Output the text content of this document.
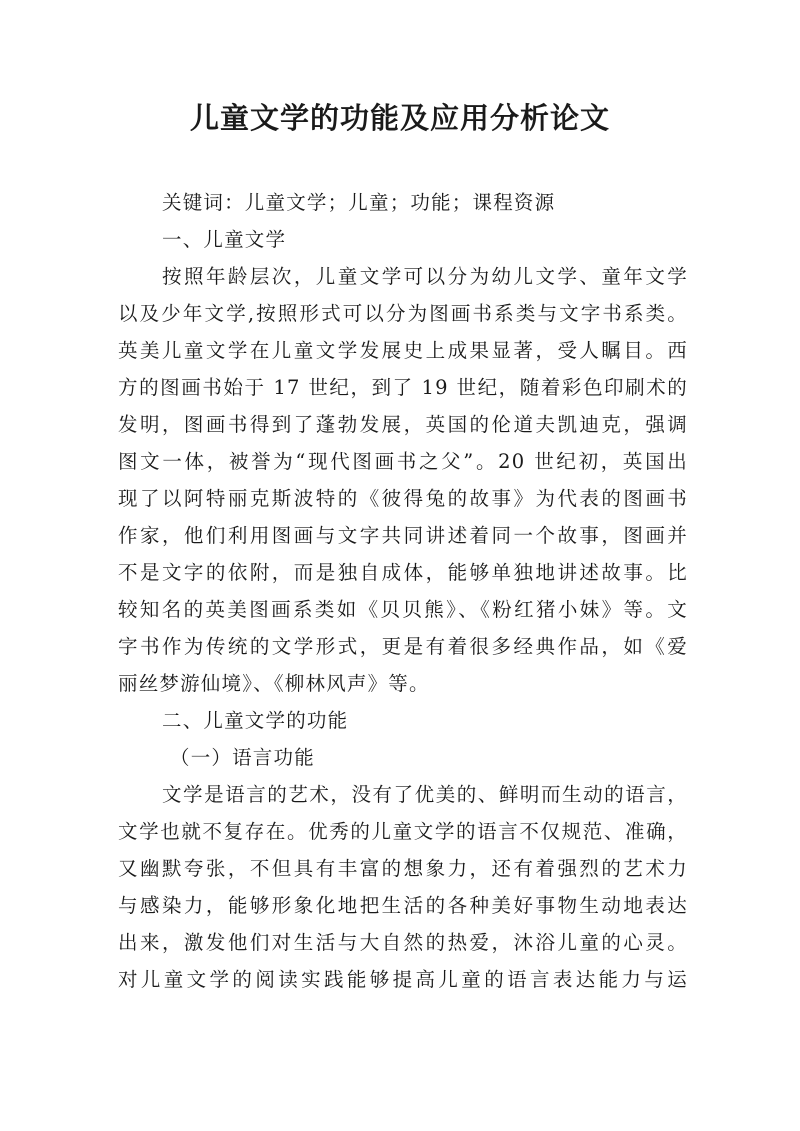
儿童文学的功能及应用分析论文
关键词：儿童文学；儿童；功能；课程资源
一、儿童文学
按照年龄层次，儿童文学可以分为幼儿文学、童年文学
以及少年文学,按照形式可以分为图画书系类与文字书系类。
英美儿童文学在儿童文学发展史上成果显著，受人瞩目。西
方的图画书始于 17 世纪，到了 19 世纪，随着彩色印刷术的
发明，图画书得到了蓬勃发展，英国的伦道夫凯迪克，强调
图文一体，被誉为“现代图画书之父”。20 世纪初，英国出
现了以阿特丽克斯波特的《彼得兔的故事》为代表的图画书
作家，他们利用图画与文字共同讲述着同一个故事，图画并
不是文字的依附，而是独自成体，能够单独地讲述故事。比
较知名的英美图画系类如《贝贝熊》、《粉红猪小妹》等。文
字书作为传统的文学形式，更是有着很多经典作品，如《爱
丽丝梦游仙境》、《柳林风声》等。
二、儿童文学的功能
（一）语言功能
文学是语言的艺术，没有了优美的、鲜明而生动的语言，
文学也就不复存在。优秀的儿童文学的语言不仅规范、准确，
又幽默夸张，不但具有丰富的想象力，还有着强烈的艺术力
与感染力，能够形象化地把生活的各种美好事物生动地表达
出来，激发他们对生活与大自然的热爱，沐浴儿童的心灵。
对儿童文学的阅读实践能够提高儿童的语言表达能力与运
